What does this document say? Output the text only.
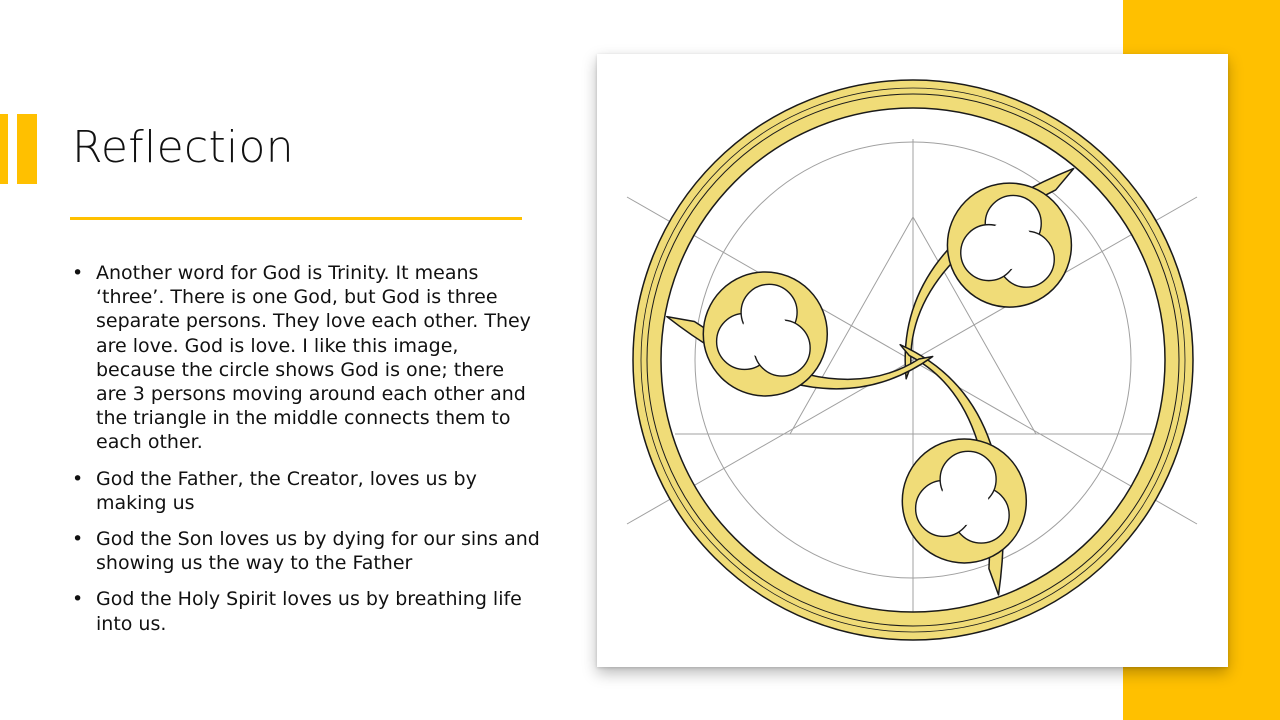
Reflection
• Another word for God is Trinity. It means ‘three’. There is one God, but God is three separate persons. They love each other. They are love. God is love. I like this image, because the circle shows God is one; there are 3 persons moving around each other and the triangle in the middle connects them to each other.
• God the Father, the Creator, loves us by making us
• God the Son loves us by dying for our sins and showing us the way to the Father
• God the Holy Spirit loves us by breathing life into us.
